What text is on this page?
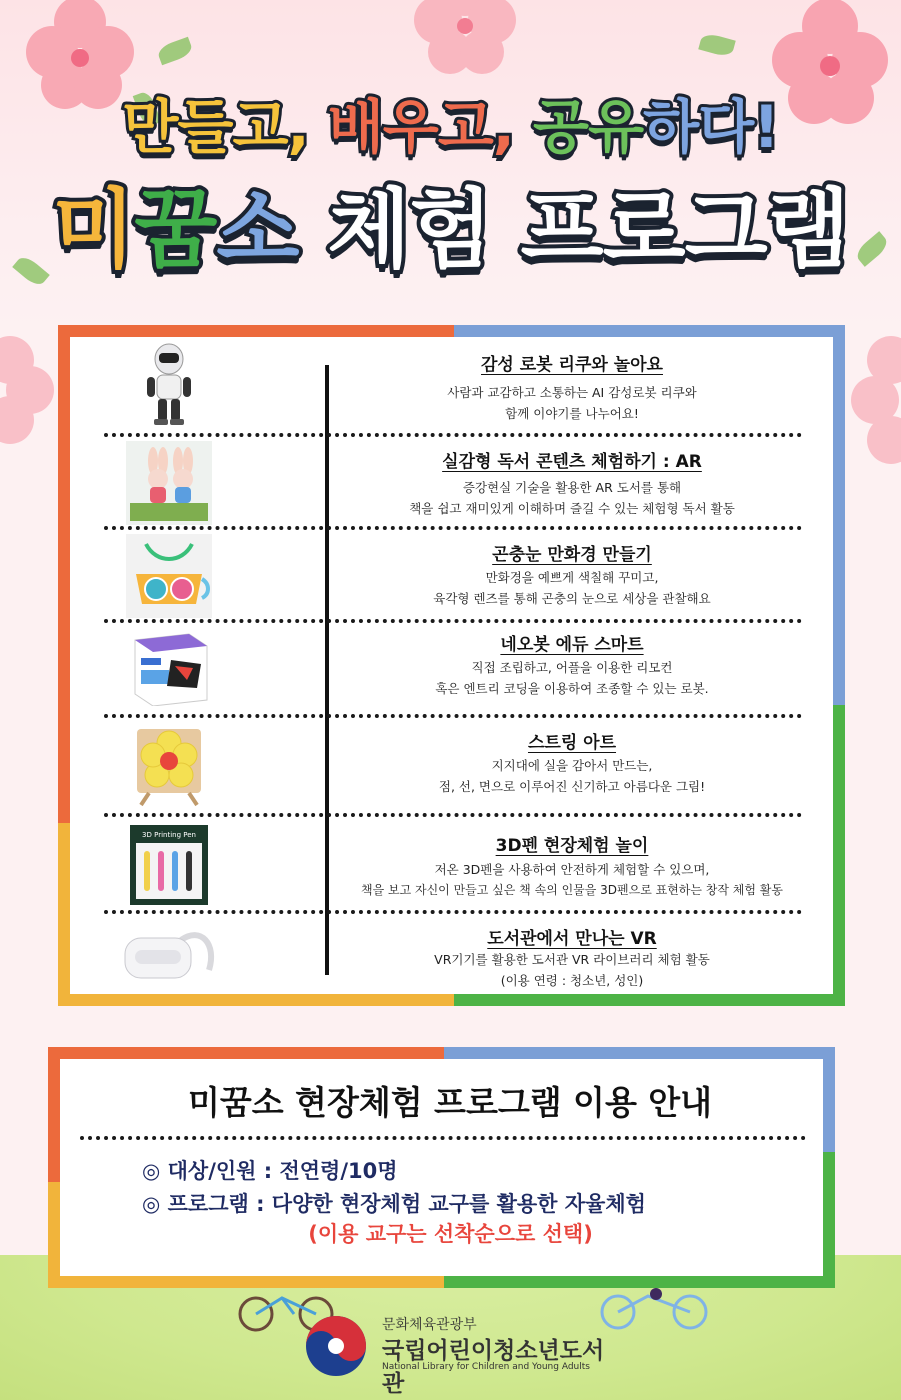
만들고, 배우고, 공유하다!
미꿈소 체험 프로그램
감성 로봇 리쿠와 놀아요
사람과 교감하고 소통하는 AI 감성로봇 리쿠와
함께 이야기를 나누어요!
실감형 독서 콘텐츠 체험하기 : AR
증강현실 기술을 활용한 AR 도서를 통해
책을 쉽고 재미있게 이해하며 즐길 수 있는 체험형 독서 활동
곤충눈 만화경 만들기
만화경을 예쁘게 색칠해 꾸미고,
육각형 렌즈를 통해 곤충의 눈으로 세상을 관찰해요
네오봇 에듀 스마트
직접 조립하고, 어플을 이용한 리모컨
혹은 엔트리 코딩을 이용하여 조종할 수 있는 로봇.
스트링 아트
지지대에 실을 감아서 만드는,
점, 선, 면으로 이루어진 신기하고 아름다운 그림!
3D Printing Pen
3D펜 현장체험 놀이
저온 3D펜을 사용하여 안전하게 체험할 수 있으며,
책을 보고 자신이 만들고 싶은 책 속의 인물을 3D펜으로 표현하는 창작 체험 활동
도서관에서 만나는 VR
VR기기를 활용한 도서관 VR 라이브러리 체험 활동
(이용 연령 : 청소년, 성인)
미꿈소 현장체험 프로그램 이용 안내
◎ 대상/인원 : 전연령/10명
◎ 프로그램 : 다양한 현장체험 교구를 활용한 자율체험
(이용 교구는 선착순으로 선택)
문화체육관광부
국립어린이청소년도서관
National Library for Children and Young Adults
